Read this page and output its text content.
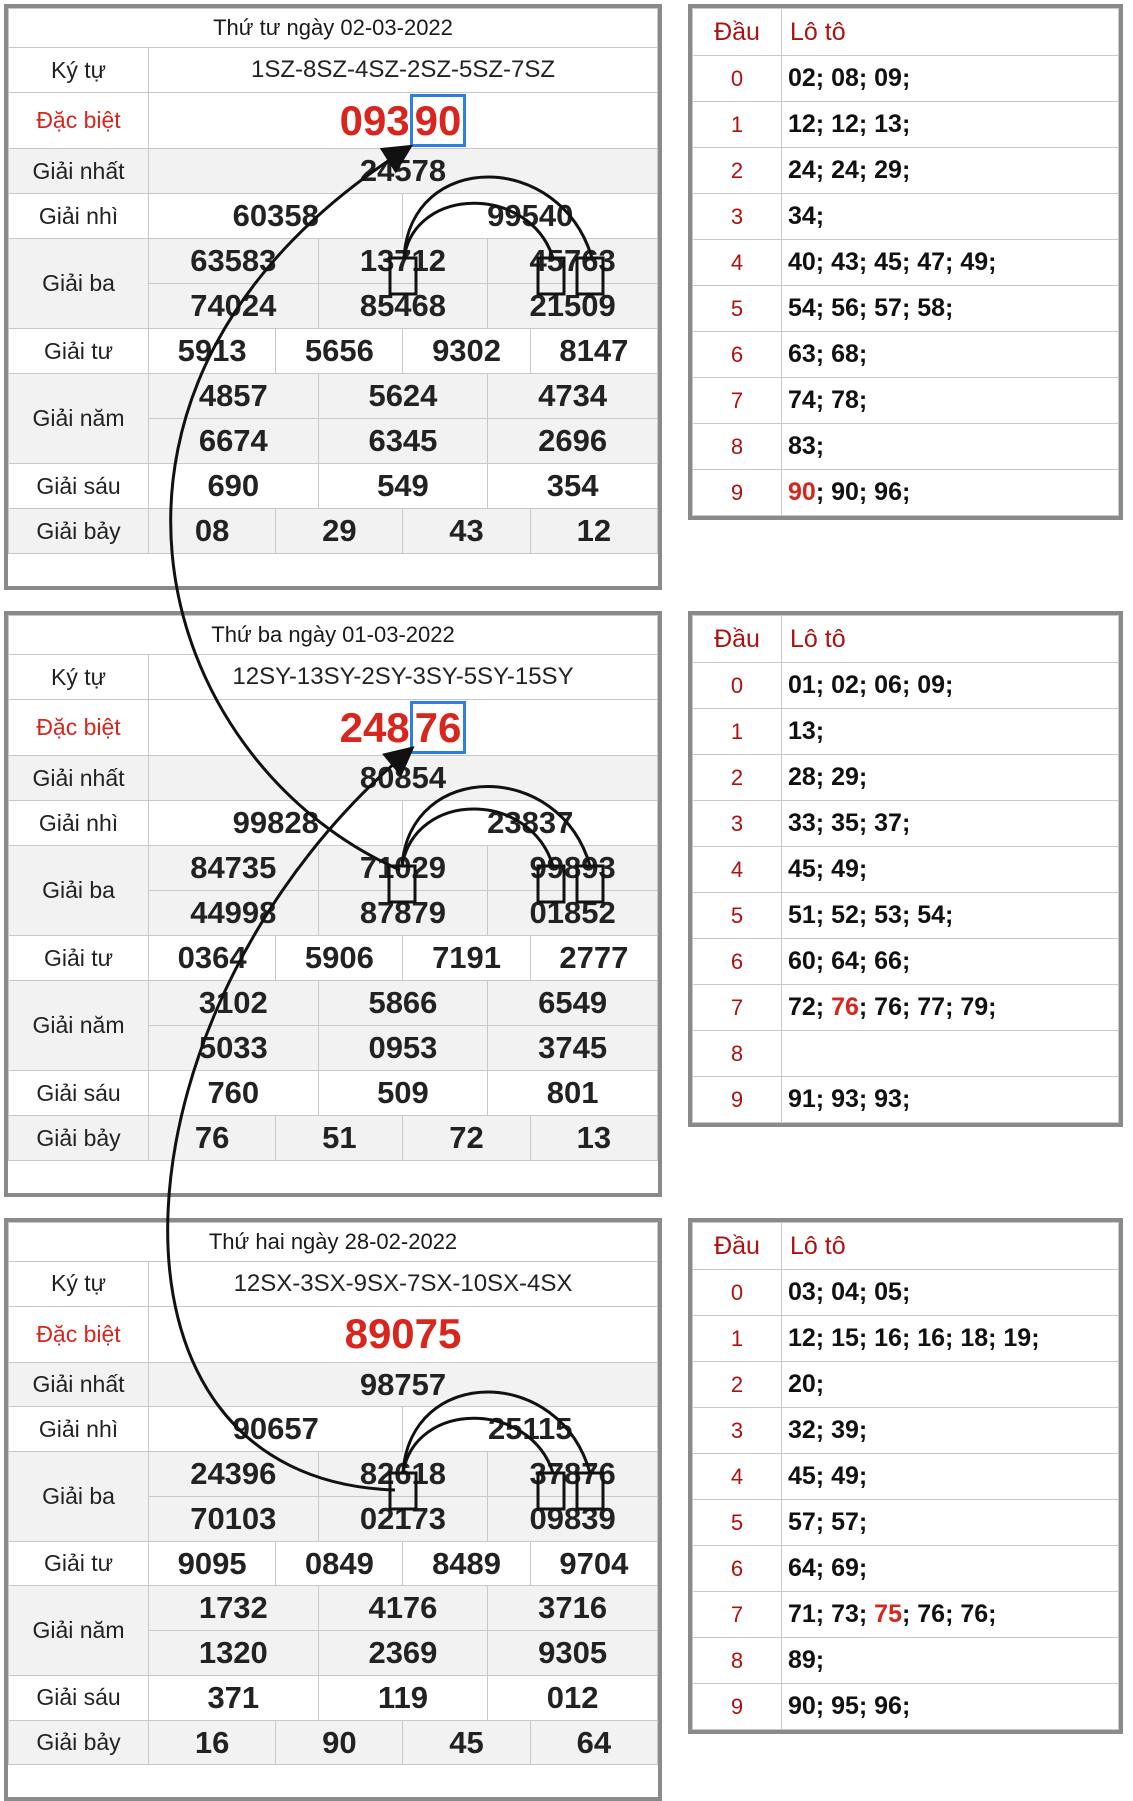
Thứ tư ngày 02-03-2022						
Ký tự	1SZ-8SZ-4SZ-2SZ-5SZ-7SZ					
Đặc biệt	093 90					
Giải nhất	24578					
Giải nhì	60358			99540		
Giải ba	63583		13712		45763	
	74024		85468		21509	
Giải tư	5913	5656		9302		8147
Giải năm	4857		5624		4734	
	6674		6345		2696	
Giải sáu	690		549		354	
Giải bảy	08	29		43		12
Đầu	Lô tô
0	02; 08; 09;
1	12; 12; 13;
2	24; 24; 29;
3	34;
4	40; 43; 45; 47; 49;
5	54; 56; 57; 58;
6	63; 68;
7	74; 78;
8	83;
9	90; 90; 96;
Thứ ba ngày 01-03-2022						
Ký tự	12SY-13SY-2SY-3SY-5SY-15SY					
Đặc biệt	248 76					
Giải nhất	80854					
Giải nhì	99828			23837		
Giải ba	84735		71029		99893	
	44998		87879		01852	
Giải tư	0364	5906		7191		2777
Giải năm	3102		5866		6549	
	5033		0953		3745	
Giải sáu	760		509		801	
Giải bảy	76	51		72		13
Đầu	Lô tô
0	01; 02; 06; 09;
1	13;
2	28; 29;
3	33; 35; 37;
4	45; 49;
5	51; 52; 53; 54;
6	60; 64; 66;
7	72; 76; 76; 77; 79;
8	
9	91; 93; 93;
Thứ hai ngày 28-02-2022						
Ký tự	12SX-3SX-9SX-7SX-10SX-4SX					
Đặc biệt	89075					
Giải nhất	98757					
Giải nhì	90657			25115		
Giải ba	24396		82618		37876	
	70103		02173		09839	
Giải tư	9095	0849		8489		9704
Giải năm	1732		4176		3716	
	1320		2369		9305	
Giải sáu	371		119		012	
Giải bảy	16	90		45		64
Đầu	Lô tô
0	03; 04; 05;
1	12; 15; 16; 16; 18; 19;
2	20;
3	32; 39;
4	45; 49;
5	57; 57;
6	64; 69;
7	71; 73; 75; 76; 76;
8	89;
9	90; 95; 96;
